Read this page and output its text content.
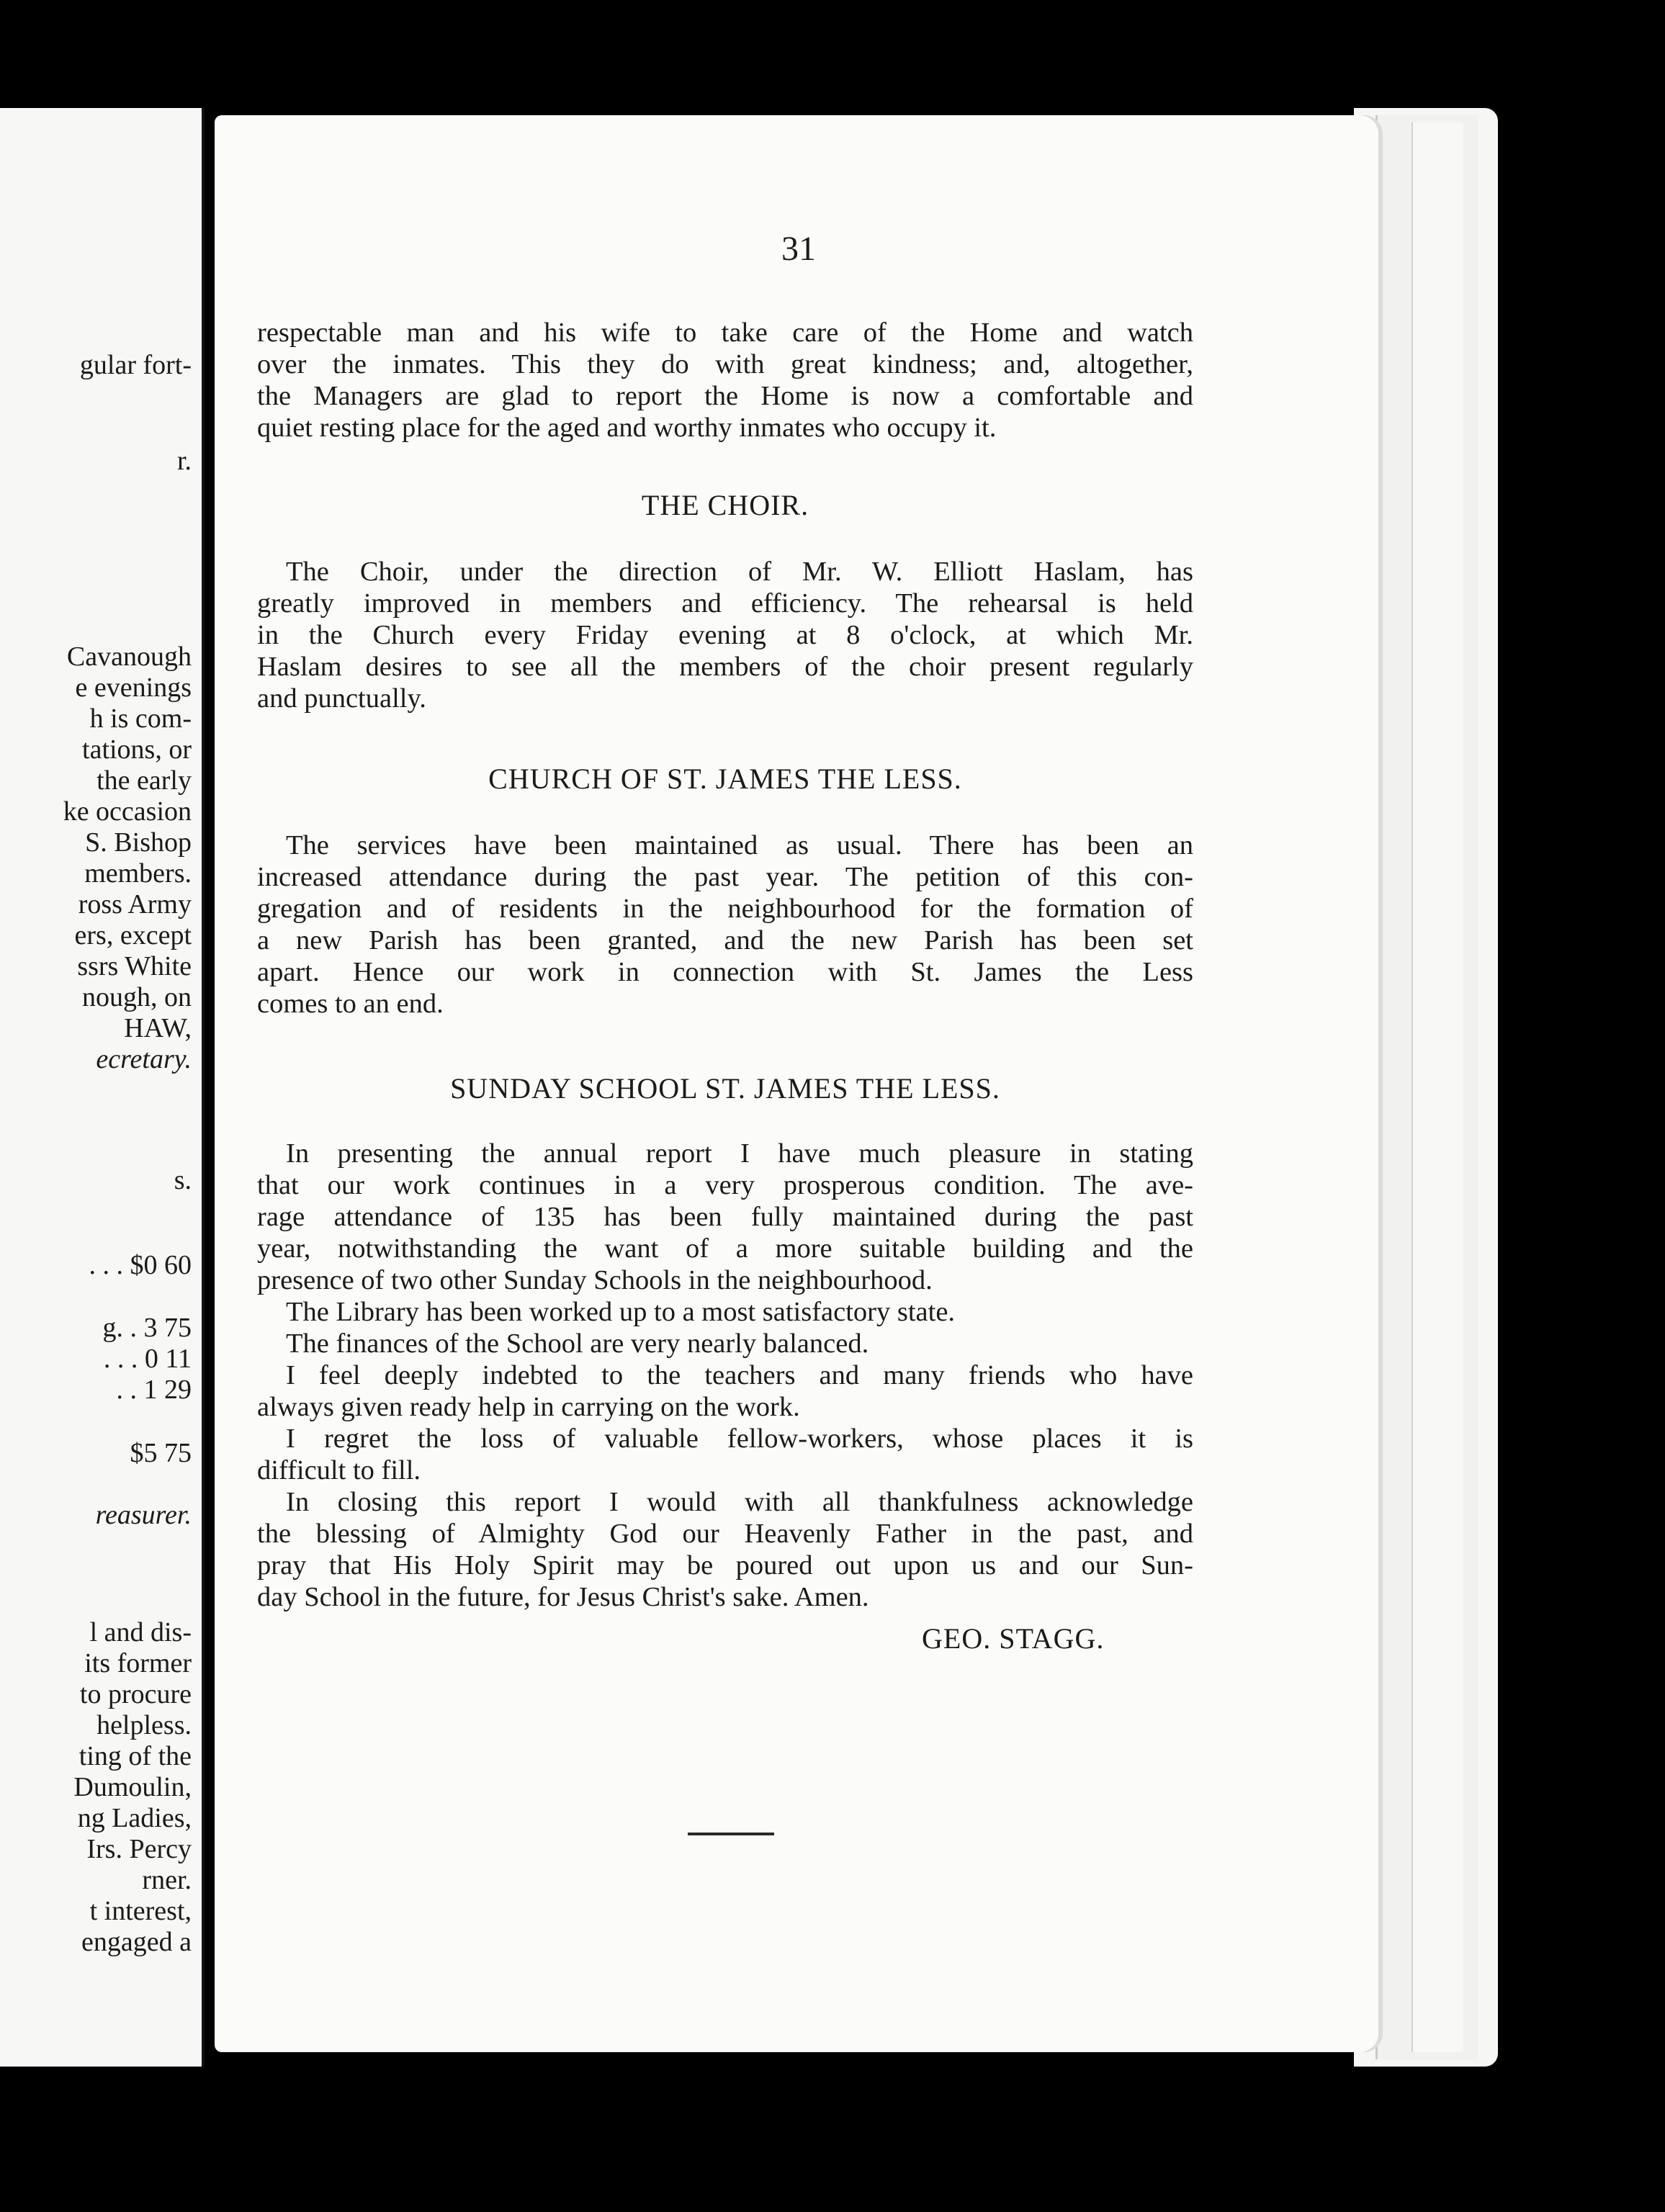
gular fort-
r.
Cavanough
e evenings
h is com-
tations, or
the early
ke occasion
S. Bishop
members.
ross Army
ers, except
ssrs White
nough, on
HAW,
ecretary.
s.
. . . $0 60
g. . 3 75
. . . 0 11
. . 1 29
$5 75
reasurer.
l and dis-
its former
to procure
helpless.
ting of the
Dumoulin,
ng Ladies,
Irs. Percy
rner.
t interest,
engaged a
31

respectable man and his wife to take care of the Home and watch

over the inmates. This they do with great kindness; and, altogether,

the Managers are glad to report the Home is now a comfortable and

quiet resting place for the aged and worthy inmates who occupy it.

THE CHOIR.

The Choir, under the direction of Mr. W. Elliott Haslam, has

greatly improved in members and efficiency. The rehearsal is held

in the Church every Friday evening at 8 o'clock, at which Mr.

Haslam desires to see all the members of the choir present regularly

and punctually.

CHURCH OF ST. JAMES THE LESS.

The services have been maintained as usual. There has been an

increased attendance during the past year. The petition of this con-

gregation and of residents in the neighbourhood for the formation of

a new Parish has been granted, and the new Parish has been set

apart. Hence our work in connection with St. James the Less

comes to an end.

SUNDAY SCHOOL ST. JAMES THE LESS.

In presenting the annual report I have much pleasure in stating

that our work continues in a very prosperous condition. The ave-

rage attendance of 135 has been fully maintained during the past

year, notwithstanding the want of a more suitable building and the

presence of two other Sunday Schools in the neighbourhood.

The Library has been worked up to a most satisfactory state.

The finances of the School are very nearly balanced.

I feel deeply indebted to the teachers and many friends who have

always given ready help in carrying on the work.

I regret the loss of valuable fellow-workers, whose places it is

difficult to fill.

In closing this report I would with all thankfulness acknowledge

the blessing of Almighty God our Heavenly Father in the past, and

pray that His Holy Spirit may be poured out upon us and our Sun-

day School in the future, for Jesus Christ's sake. Amen.

GEO. STAGG.
